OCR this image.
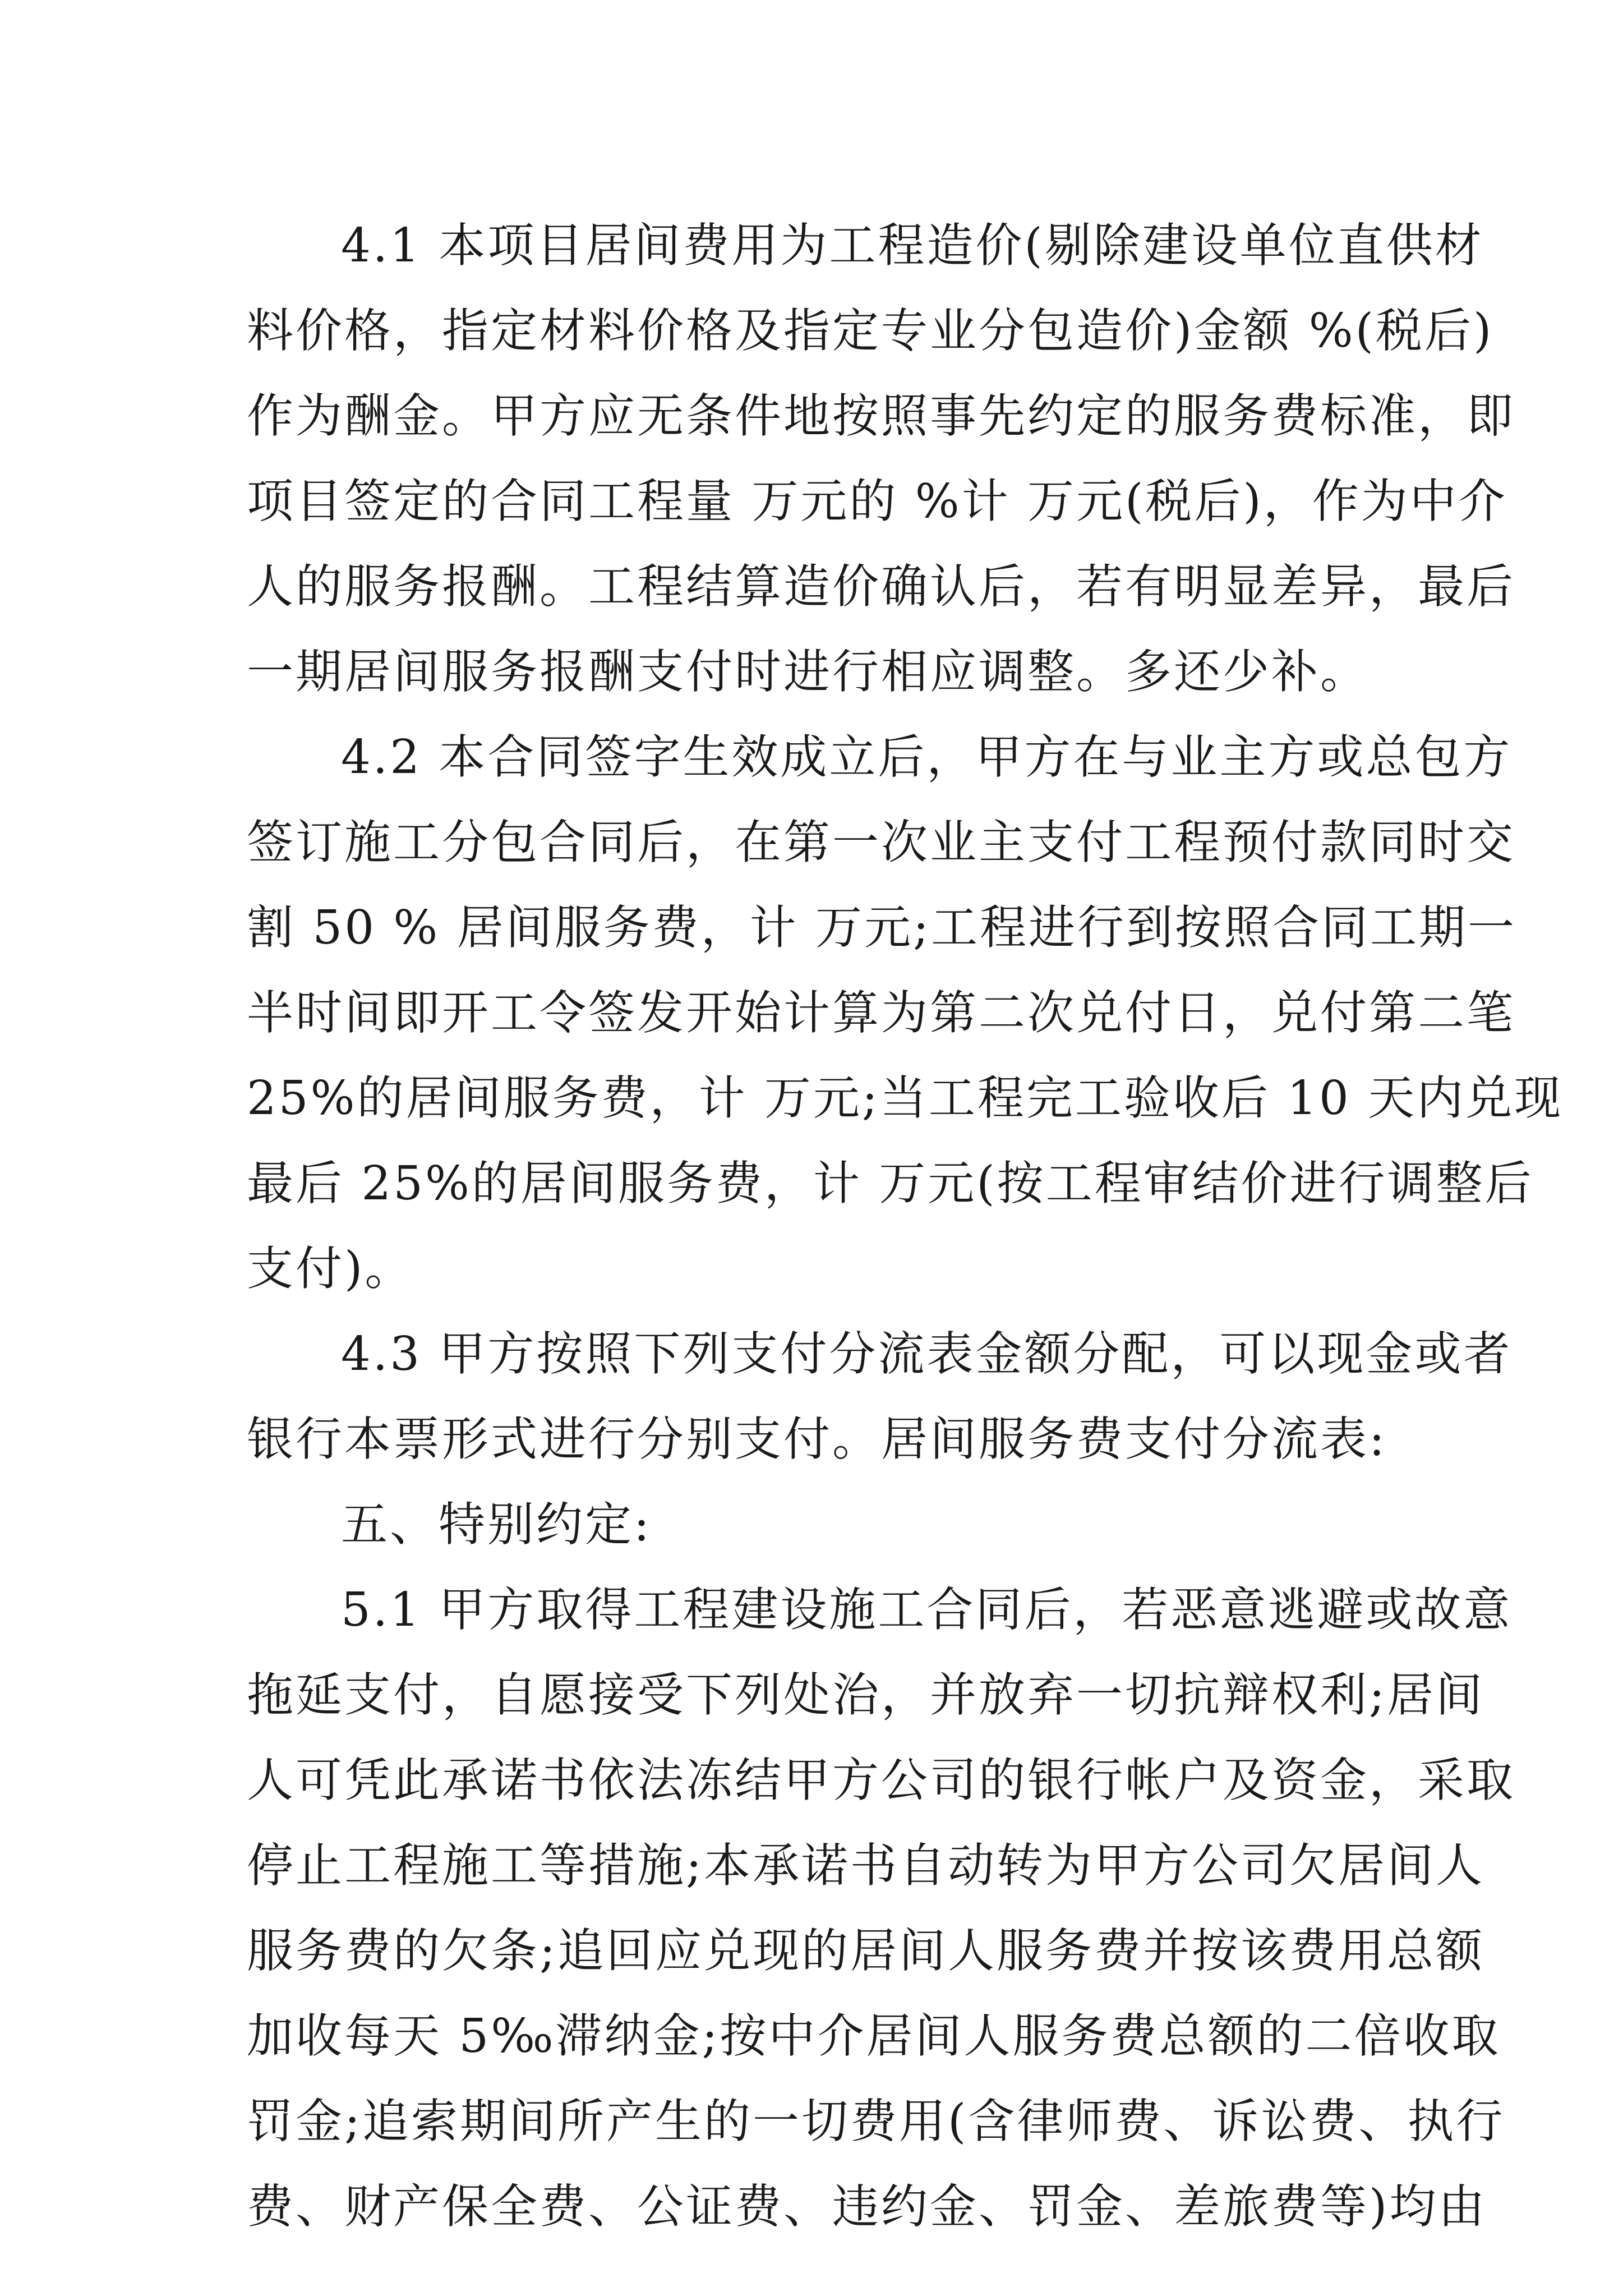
4.1 本项目居间费用为工程造价(剔除建设单位直供材
料价格，指定材料价格及指定专业分包造价)金额 %(税后)
作为酬金。甲方应无条件地按照事先约定的服务费标准，即
项目签定的合同工程量 万元的 %计 万元(税后)，作为中介
人的服务报酬。工程结算造价确认后，若有明显差异，最后
一期居间服务报酬支付时进行相应调整。多还少补。
4.2 本合同签字生效成立后，甲方在与业主方或总包方
签订施工分包合同后，在第一次业主支付工程预付款同时交
割 50 % 居间服务费，计 万元;工程进行到按照合同工期一
半时间即开工令签发开始计算为第二次兑付日，兑付第二笔
25%的居间服务费，计 万元;当工程完工验收后 10 天内兑现
最后 25%的居间服务费，计 万元(按工程审结价进行调整后
支付)。
4.3 甲方按照下列支付分流表金额分配，可以现金或者
银行本票形式进行分别支付。居间服务费支付分流表:
五、特别约定:
5.1 甲方取得工程建设施工合同后，若恶意逃避或故意
拖延支付，自愿接受下列处治，并放弃一切抗辩权利;居间
人可凭此承诺书依法冻结甲方公司的银行帐户及资金，采取
停止工程施工等措施;本承诺书自动转为甲方公司欠居间人
服务费的欠条;追回应兑现的居间人服务费并按该费用总额
加收每天 5‰滞纳金;按中介居间人服务费总额的二倍收取
罚金;追索期间所产生的一切费用(含律师费、诉讼费、执行
费、财产保全费、公证费、违约金、罚金、差旅费等)均由
